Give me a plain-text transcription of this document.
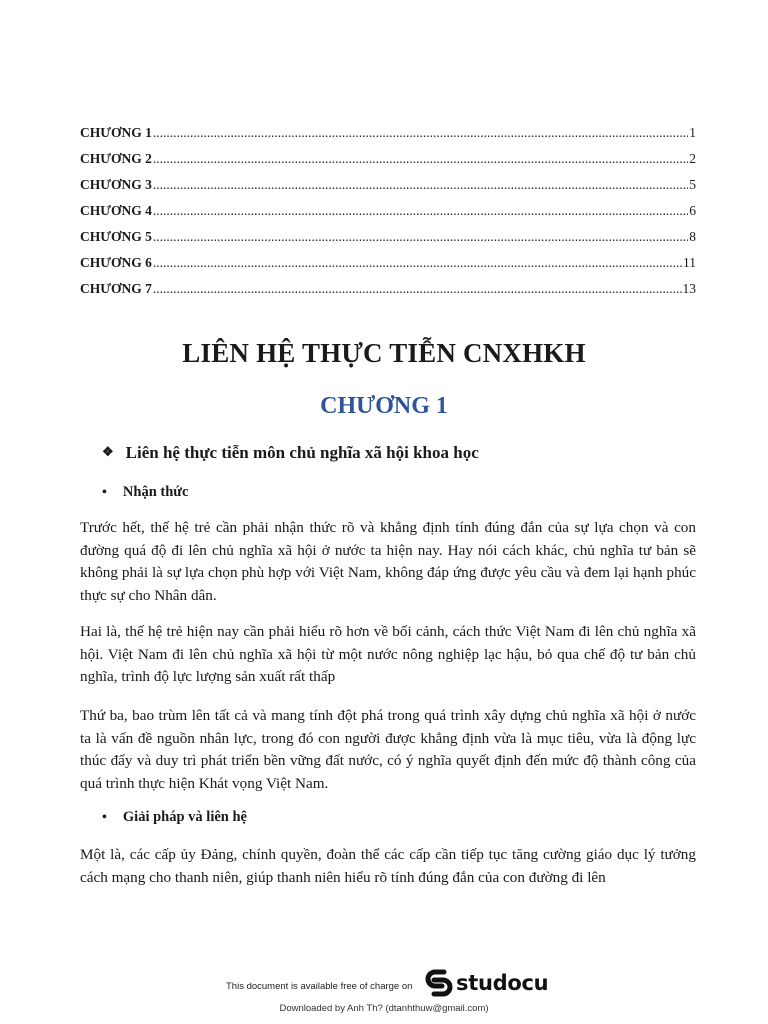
CHƯƠNG 1 .....	1
CHƯƠNG 2 .....	2
CHƯƠNG 3 .....	5
CHƯƠNG 4 .....	6
CHƯƠNG 5 .....	8
CHƯƠNG 6 .....	11
CHƯƠNG 7 .....	13
LIÊN HỆ THỰC TIỄN CNXHKH
CHƯƠNG 1
❖ Liên hệ thực tiễn môn chủ nghĩa xã hội khoa học
• Nhận thức

Trước hết, thế hệ trẻ cần phải nhận thức rõ và khẳng định tính đúng đắn của sự lựa chọn và con đường quá độ đi lên chủ nghĩa xã hội ở nước ta hiện nay. Hay nói cách khác, chủ nghĩa tư bản sẽ không phải là sự lựa chọn phù hợp với Việt Nam, không đáp ứng được yêu cầu và đem lại hạnh phúc thực sự cho Nhân dân.

Hai là, thế hệ trẻ hiện nay cần phải hiểu rõ hơn về bối cảnh, cách thức Việt Nam đi lên chủ nghĩa xã hội. Việt Nam đi lên chủ nghĩa xã hội từ một nước nông nghiệp lạc hậu, bỏ qua chế độ tư bản chủ nghĩa, trình độ lực lượng sản xuất rất thấp

Thứ ba, bao trùm lên tất cả và mang tính đột phá trong quá trình xây dựng chủ nghĩa xã hội ở nước ta là vấn đề nguồn nhân lực, trong đó con người được khẳng định vừa là mục tiêu, vừa là động lực thúc đẩy và duy trì phát triển bền vững đất nước, có ý nghĩa quyết định đến mức độ thành công của quá trình thực hiện Khát vọng Việt Nam.

• Giải pháp và liên hệ

Một là, các cấp ủy Đảng, chính quyền, đoàn thể các cấp cần tiếp tục tăng cường giáo dục lý tưởng cách mạng cho thanh niên, giúp thanh niên hiểu rõ tính đúng đắn của con đường đi lên

This document is available free of charge on studocu
Downloaded by Anh Th? (dtanhthuw@gmail.com)
